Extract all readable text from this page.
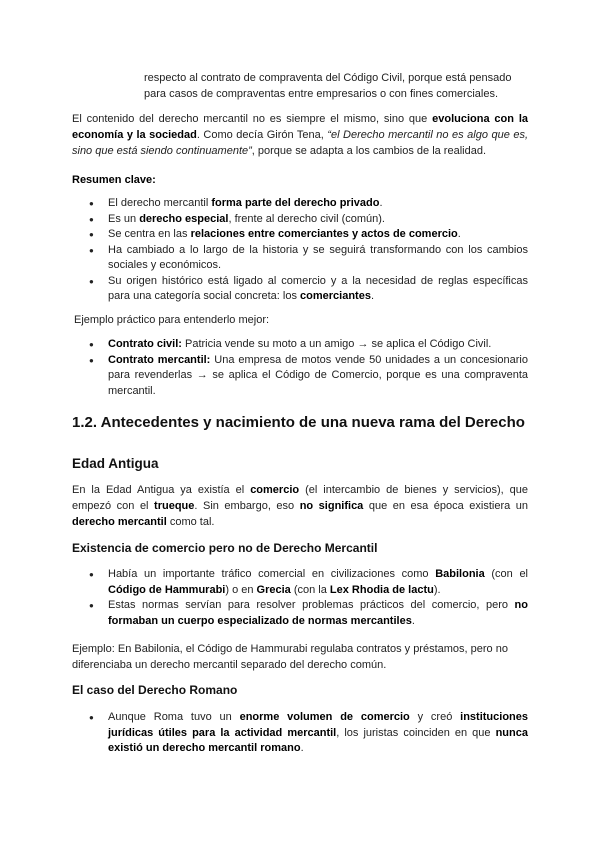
respecto al contrato de compraventa del Código Civil, porque está pensado
para casos de compraventas entre empresarios o con fines comerciales.

El contenido del derecho mercantil no es siempre el mismo, sino que evoluciona con la economía y la sociedad. Como decía Girón Tena, “el Derecho mercantil no es algo que es, sino que está siendo continuamente”, porque se adapta a los cambios de la realidad.

Resumen clave:

● El derecho mercantil forma parte del derecho privado.
● Es un derecho especial, frente al derecho civil (común).
● Se centra en las relaciones entre comerciantes y actos de comercio.
● Ha cambiado a lo largo de la historia y se seguirá transformando con los cambios sociales y económicos.
● Su origen histórico está ligado al comercio y a la necesidad de reglas específicas para una categoría social concreta: los comerciantes.

Ejemplo práctico para entenderlo mejor:

● Contrato civil: Patricia vende su moto a un amigo → se aplica el Código Civil.
● Contrato mercantil: Una empresa de motos vende 50 unidades a un concesionario para revenderlas → se aplica el Código de Comercio, porque es una compraventa mercantil.
1.2. Antecedentes y nacimiento de una nueva rama del Derecho
Edad Antigua

En la Edad Antigua ya existía el comercio (el intercambio de bienes y servicios), que empezó con el trueque. Sin embargo, eso no significa que en esa época existiera un derecho mercantil como tal.

Existencia de comercio pero no de Derecho Mercantil
● Había un importante tráfico comercial en civilizaciones como Babilonia (con el Código de Hammurabi) o en Grecia (con la Lex Rhodia de lactu).
● Estas normas servían para resolver problemas prácticos del comercio, pero no formaban un cuerpo especializado de normas mercantiles.

Ejemplo: En Babilonia, el Código de Hammurabi regulaba contratos y préstamos, pero no diferenciaba un derecho mercantil separado del derecho común.

El caso del Derecho Romano
● Aunque Roma tuvo un enorme volumen de comercio y creó instituciones jurídicas útiles para la actividad mercantil, los juristas coinciden en que nunca existió un derecho mercantil romano.
